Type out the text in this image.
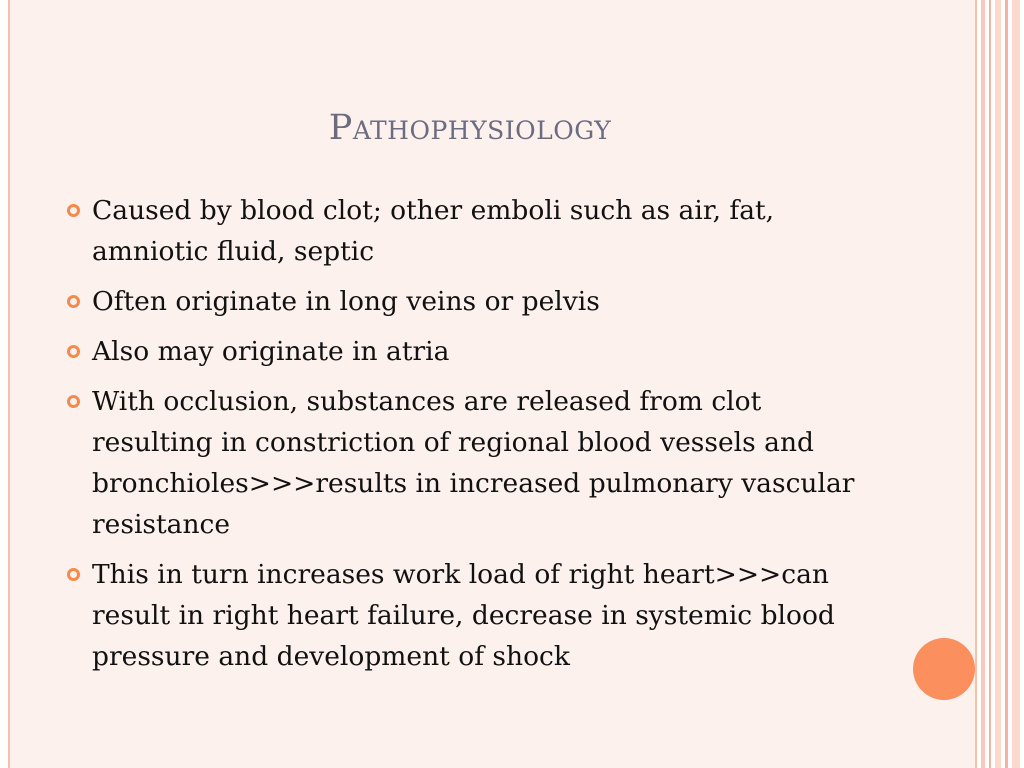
Pathophysiology
Caused by blood clot; other emboli such as air, fat, amniotic fluid, septic
Often originate in long veins or pelvis
Also may originate in atria
With occlusion, substances are released from clot resulting in constriction of regional blood vessels and bronchioles>>>results in increased pulmonary vascular resistance
This in turn increases work load of right heart>>>can result in right heart failure, decrease in systemic blood pressure and development of shock
